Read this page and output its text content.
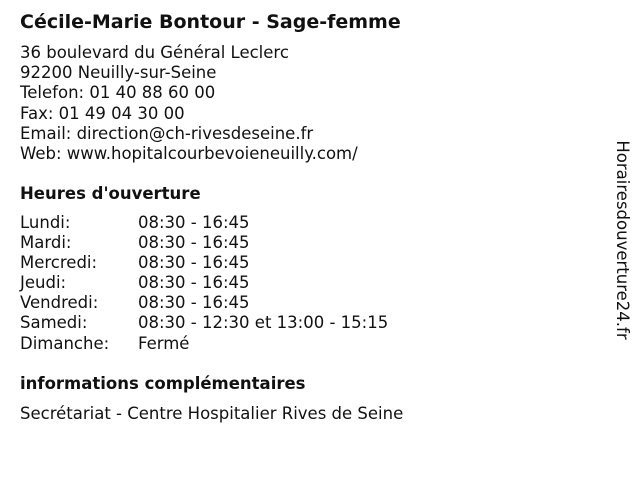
Cécile-Marie Bontour - Sage-femme
36 boulevard du Général Leclerc
92200 Neuilly-sur-Seine
Telefon: 01 40 88 60 00
Fax: 01 49 04 30 00
Email: direction@ch-rivesdeseine.fr
Web: www.hopitalcourbevoieneuilly.com/
Heures d'ouverture
Lundi:	08:30 - 16:45
Mardi:	08:30 - 16:45
Mercredi:	08:30 - 16:45
Jeudi:	08:30 - 16:45
Vendredi:	08:30 - 16:45
Samedi:	08:30 - 12:30 et 13:00 - 15:15
Dimanche:	Fermé
informations complémentaires
Secrétariat - Centre Hospitalier Rives de Seine
Horairesdouverture24.fr
